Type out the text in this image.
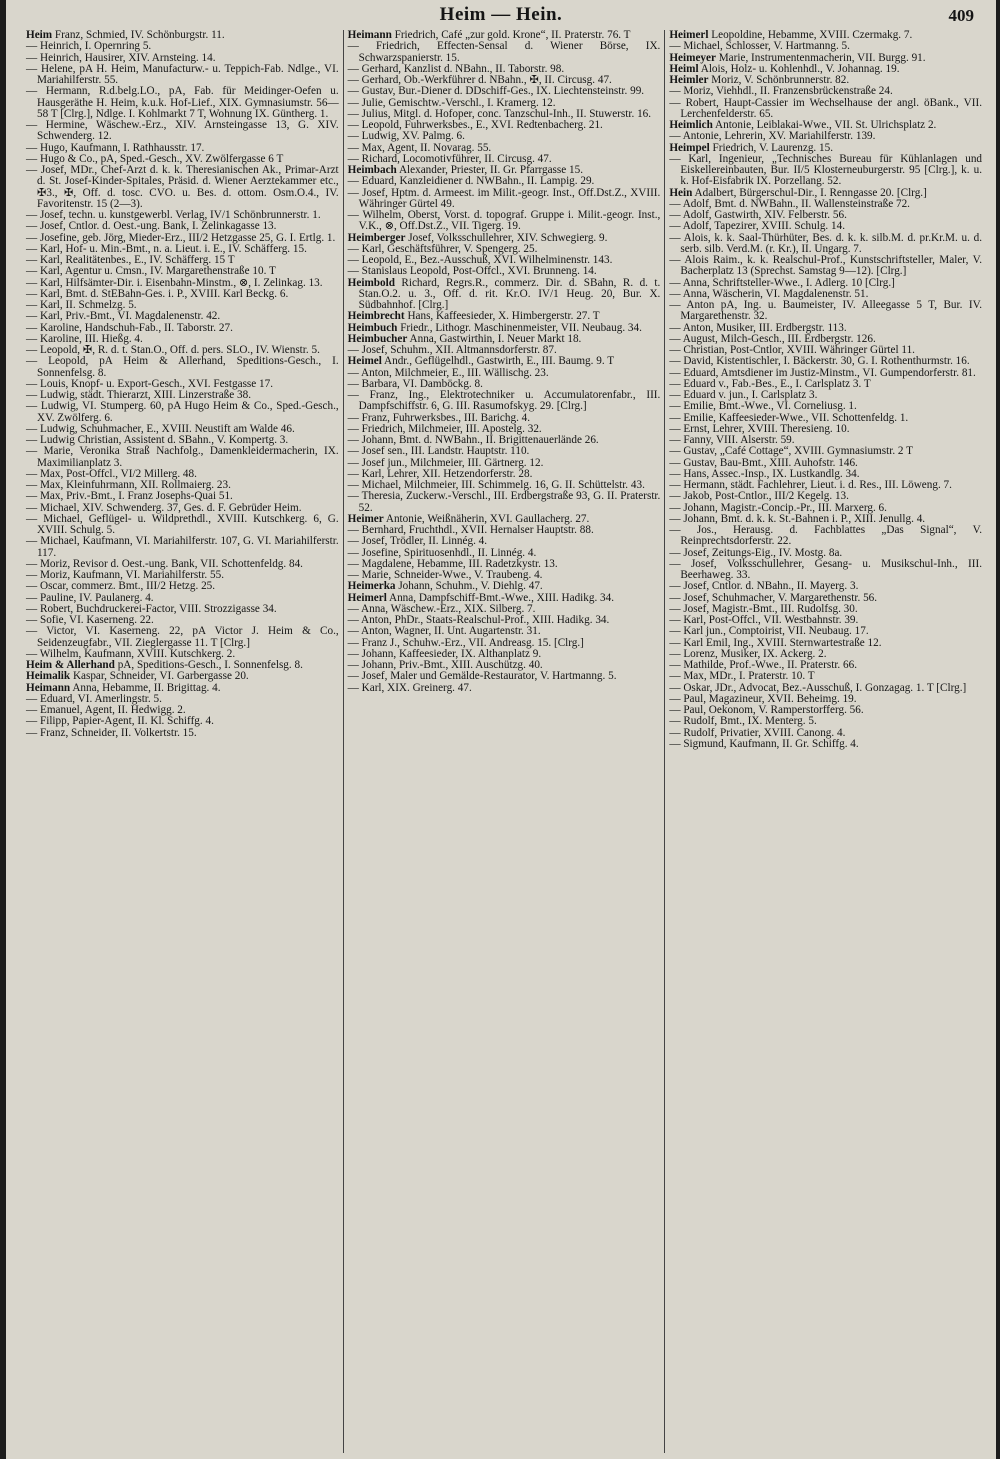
Heim — Hein.	409
Heim Franz, Schmied, IV. Schönburgstr. 11.
— Heinrich, I. Opernring 5.
— Heinrich, Hausirer, XIV. Arnsteing. 14.
— Helene, pA H. Heim, Manufacturw.- u. Teppich-Fab. Ndlge., VI. Mariahilferstr. 55.
— Hermann, R.d.belg.LO., pA, Fab. für Meidinger-Oefen u. Hausgeräthe H. Heim, k.u.k. Hof-Lief., XIX. Gymnasiumstr. 56—58 T [Clrg.], Ndlge. I. Kohlmarkt 7 T, Wohnung IX. Güntherg. 1.
— Hermine, Wäschew.-Erz., XIV. Arnsteingasse 13, G. XIV. Schwenderg. 12.
— Hugo, Kaufmann, I. Rathhausstr. 17.
— Hugo & Co., pA, Sped.-Gesch., XV. Zwölfergasse 6 T
— Josef, MDr., Chef-Arzt d. k. k. Theresianischen Ak., Primar-Arzt d. St. Josef-Kinder-Spitales, Präsid. d. Wiener Aerztekammer etc., ✠3., ✠, Off. d. tosc. CVO. u. Bes. d. ottom. Osm.O.4., IV. Favoritenstr. 15 (2—3).
— Josef, techn. u. kunstgewerbl. Verlag, IV/1 Schönbrunnerstr. 1.
— Josef, Cntlor. d. Oest.-ung. Bank, I. Zelinkagasse 13.
— Josefine, geb. Jörg, Mieder-Erz., III/2 Hetzgasse 25, G. I. Ertlg. 1.
— Karl, Hof- u. Min.-Bmt., n. a. Lieut. i. E., IV. Schäfferg. 15.
— Karl, Realitätenbes., E., IV. Schäfferg. 15 T
— Karl, Agentur u. Cmsn., IV. Margarethenstraße 10. T
— Karl, Hilfsämter-Dir. i. Eisenbahn-Minstm., ⊗, I. Zelinkag. 13.
— Karl, Bmt. d. StEBahn-Ges. i. P., XVIII. Karl Beckg. 6.
— Karl, II. Schmelzg. 5.
— Karl, Priv.-Bmt., VI. Magdalenenstr. 42.
— Karoline, Handschuh-Fab., II. Taborstr. 27.
— Karoline, III. Hießg. 4.
— Leopold, ✠, R. d. t. Stan.O., Off. d. pers. SLO., IV. Wienstr. 5.
— Leopold, pA Heim & Allerhand, Speditions-Gesch., I. Sonnenfelsg. 8.
— Louis, Knopf- u. Export-Gesch., XVI. Festgasse 17.
— Ludwig, städt. Thierarzt, XIII. Linzerstraße 38.
— Ludwig, VI. Stumperg. 60, pA Hugo Heim & Co., Sped.-Gesch., XV. Zwölferg. 6.
— Ludwig, Schuhmacher, E., XVIII. Neustift am Walde 46.
— Ludwig Christian, Assistent d. SBahn., V. Kompertg. 3.
— Marie, Veronika Straß Nachfolg., Damenkleidermacherin, IX. Maximilianplatz 3.
— Max, Post-Offcl., VI/2 Millerg. 48.
— Max, Kleinfuhrmann, XII. Rollmaierg. 23.
— Max, Priv.-Bmt., I. Franz Josephs-Quai 51.
— Michael, XIV. Schwenderg. 37, Ges. d. F. Gebrüder Heim.
— Michael, Geflügel- u. Wildprethdl., XVIII. Kutschkerg. 6, G. XVIII. Schulg. 5.
— Michael, Kaufmann, VI. Mariahilferstr. 107, G. VI. Mariahilferstr. 117.
— Moriz, Revisor d. Oest.-ung. Bank, VII. Schottenfeldg. 84.
— Moriz, Kaufmann, VI. Mariahilferstr. 55.
— Oscar, commerz. Bmt., III/2 Hetzg. 25.
— Pauline, IV. Paulanerg. 4.
— Robert, Buchdruckerei-Factor, VIII. Strozzigasse 34.
— Sofie, VI. Kaserneng. 22.
— Victor, VI. Kaserneng. 22, pA Victor J. Heim & Co., Seidenzeugfabr., VII. Zieglergasse 11. T [Clrg.]
— Wilhelm, Kaufmann, XVIII. Kutschkerg. 2.
Heim & Allerhand pA, Speditions-Gesch., I. Sonnenfelsg. 8.
Heimalik Kaspar, Schneider, VI. Garbergasse 20.
Heimann Anna, Hebamme, II. Brigittag. 4.
— Eduard, VI. Amerlingstr. 5.
— Emanuel, Agent, II. Hedwigg. 2.
— Filipp, Papier-Agent, II. Kl. Schiffg. 4.
— Franz, Schneider, II. Volkertstr. 15.
Heimann Friedrich, Café „zur gold. Krone“, II. Praterstr. 76. T
— Friedrich, Effecten-Sensal d. Wiener Börse, IX. Schwarzspanierstr. 15.
— Gerhard, Kanzlist d. NBahn., II. Taborstr. 98.
— Gerhard, Ob.-Werkführer d. NBahn., ✠, II. Circusg. 47.
— Gustav, Bur.-Diener d. DDschiff-Ges., IX. Liechtensteinstr. 99.
— Julie, Gemischtw.-Verschl., I. Kramerg. 12.
— Julius, Mitgl. d. Hofoper, conc. Tanzschul-Inh., II. Stuwerstr. 16.
— Leopold, Fuhrwerksbes., E., XVI. Redtenbacherg. 21.
— Ludwig, XV. Palmg. 6.
— Max, Agent, II. Novarag. 55.
— Richard, Locomotivführer, II. Circusg. 47.
Heimbach Alexander, Priester, II. Gr. Pfarrgasse 15.
— Eduard, Kanzleidiener d. NWBahn., II. Lampig. 29.
— Josef, Hptm. d. Armeest. im Milit.-geogr. Inst., Off.Dst.Z., XVIII. Währinger Gürtel 49.
— Wilhelm, Oberst, Vorst. d. topograf. Gruppe i. Milit.-geogr. Inst., V.K., ⊗, Off.Dst.Z., VII. Tigerg. 19.
Heimberger Josef, Volksschullehrer, XIV. Schwegierg. 9.
— Karl, Geschäftsführer, V. Spengerg. 25.
— Leopold, E., Bez.-Ausschuß, XVI. Wilhelminenstr. 143.
— Stanislaus Leopold, Post-Offcl., XVI. Brunneng. 14.
Heimbold Richard, Regrs.R., commerz. Dir. d. SBahn, R. d. t. Stan.O.2. u. 3., Off. d. rit. Kr.O. IV/1 Heug. 20, Bur. X. Südbahnhof. [Clrg.]
Heimbrecht Hans, Kaffeesieder, X. Himbergerstr. 27. T
Heimbuch Friedr., Lithogr. Maschinenmeister, VII. Neubaug. 34.
Heimbucher Anna, Gastwirthin, I. Neuer Markt 18.
— Josef, Schuhm., XII. Altmannsdorferstr. 87.
Heimel Andr., Geflügelhdl., Gastwirth, E., III. Baumg. 9. T
— Anton, Milchmeier, E., III. Wällischg. 23.
— Barbara, VI. Damböckg. 8.
— Franz, Ing., Elektrotechniker u. Accumulatorenfabr., III. Dampfschiffstr. 6, G. III. Rasumofskyg. 29. [Clrg.]
— Franz, Fuhrwerksbes., III. Barichg. 4.
— Friedrich, Milchmeier, III. Apostelg. 32.
— Johann, Bmt. d. NWBahn., II. Brigittenauerlände 26.
— Josef sen., III. Landstr. Hauptstr. 110.
— Josef jun., Milchmeier, III. Gärtnerg. 12.
— Karl, Lehrer, XII. Hetzendorferstr. 28.
— Michael, Milchmeier, III. Schimmelg. 16, G. II. Schüttelstr. 43.
— Theresia, Zuckerw.-Verschl., III. Erdbergstraße 93, G. II. Praterstr. 52.
Heimer Antonie, Weißnäherin, XVI. Gaullacherg. 27.
— Bernhard, Fruchthdl., XVII. Hernalser Hauptstr. 88.
— Josef, Trödler, II. Linnég. 4.
— Josefine, Spirituosenhdl., II. Linnég. 4.
— Magdalene, Hebamme, III. Radetzkystr. 13.
— Marie, Schneider-Wwe., V. Traubeng. 4.
Heimerka Johann, Schuhm., V. Diehlg. 47.
Heimerl Anna, Dampfschiff-Bmt.-Wwe., XIII. Hadikg. 34.
— Anna, Wäschew.-Erz., XIX. Silberg. 7.
— Anton, PhDr., Staats-Realschul-Prof., XIII. Hadikg. 34.
— Anton, Wagner, II. Unt. Augartenstr. 31.
— Franz J., Schuhw.-Erz., VII. Andreasg. 15. [Clrg.]
— Johann, Kaffeesieder, IX. Althanplatz 9.
— Johann, Priv.-Bmt., XIII. Auschützg. 40.
— Josef, Maler und Gemälde-Restaurator, V. Hartmanng. 5.
— Karl, XIX. Greinerg. 47.
Heimerl Leopoldine, Hebamme, XVIII. Czermakg. 7.
— Michael, Schlosser, V. Hartmanng. 5.
Heimeyer Marie, Instrumentenmacherin, VII. Burgg. 91.
Heiml Alois, Holz- u. Kohlenhdl., V. Johannag. 19.
Heimler Moriz, V. Schönbrunnerstr. 82.
— Moriz, Viehhdl., II. Franzensbrückenstraße 24.
— Robert, Haupt-Cassier im Wechselhause der angl. öBank., VII. Lerchenfelderstr. 65.
Heimlich Antonie, Leiblakai-Wwe., VII. St. Ulrichsplatz 2.
— Antonie, Lehrerin, XV. Mariahilferstr. 139.
Heimpel Friedrich, V. Laurenzg. 15.
— Karl, Ingenieur, „Technisches Bureau für Kühlanlagen und Eiskellereinbauten, Bur. II/5 Klosterneuburgerstr. 95 [Clrg.], k. u. k. Hof-Eisfabrik IX. Porzellang. 52.
Hein Adalbert, Bürgerschul-Dir., I. Renngasse 20. [Clrg.]
— Adolf, Bmt. d. NWBahn., II. Wallensteinstraße 72.
— Adolf, Gastwirth, XIV. Felberstr. 56.
— Adolf, Tapezirer, XVIII. Schulg. 14.
— Alois, k. k. Saal-Thürhüter, Bes. d. k. k. silb.M. d. pr.Kr.M. u. d. serb. silb. Verd.M. (r. Kr.), II. Ungarg. 7.
— Alois Raim., k. k. Realschul-Prof., Kunstschriftsteller, Maler, V. Bacherplatz 13 (Sprechst. Samstag 9—12). [Clrg.]
— Anna, Schriftsteller-Wwe., I. Adlerg. 10 [Clrg.]
— Anna, Wäscherin, VI. Magdalenenstr. 51.
— Anton pA, Ing. u. Baumeister, IV. Alleegasse 5 T, Bur. IV. Margarethenstr. 32.
— Anton, Musiker, III. Erdbergstr. 113.
— August, Milch-Gesch., III. Erdbergstr. 126.
— Christian, Post-Cntlor, XVIII. Währinger Gürtel 11.
— David, Kistentischler, I. Bäckerstr. 30, G. I. Rothenthurmstr. 16.
— Eduard, Amtsdiener im Justiz-Minstm., VI. Gumpendorferstr. 81.
— Eduard v., Fab.-Bes., E., I. Carlsplatz 3. T
— Eduard v. jun., I. Carlsplatz 3.
— Emilie, Bmt.-Wwe., VI. Corneliusg. 1.
— Emilie, Kaffeesieder-Wwe., VII. Schottenfeldg. 1.
— Ernst, Lehrer, XVIII. Theresieng. 10.
— Fanny, VIII. Alserstr. 59.
— Gustav, „Café Cottage“, XVIII. Gymnasiumstr. 2 T
— Gustav, Bau-Bmt., XIII. Auhofstr. 146.
— Hans, Assec.-Insp., IX. Lustkandlg. 34.
— Hermann, städt. Fachlehrer, Lieut. i. d. Res., III. Löweng. 7.
— Jakob, Post-Cntlor., III/2 Kegelg. 13.
— Johann, Magistr.-Concip.-Pr., III. Marxerg. 6.
— Johann, Bmt. d. k. k. St.-Bahnen i. P., XIII. Jenullg. 4.
— Jos., Herausg. d. Fachblattes „Das Signal“, V. Reinprechtsdorferstr. 22.
— Josef, Zeitungs-Eig., IV. Mostg. 8a.
— Josef, Volksschullehrer, Gesang- u. Musikschul-Inh., III. Beerhaweg. 33.
— Josef, Cntlor. d. NBahn., II. Mayerg. 3.
— Josef, Schuhmacher, V. Margarethenstr. 56.
— Josef, Magistr.-Bmt., III. Rudolfsg. 30.
— Karl, Post-Offcl., VII. Westbahnstr. 39.
— Karl jun., Comptoirist, VII. Neubaug. 17.
— Karl Emil, Ing., XVIII. Sternwartestraße 12.
— Lorenz, Musiker, IX. Ackerg. 2.
— Mathilde, Prof.-Wwe., II. Praterstr. 66.
— Max, MDr., I. Praterstr. 10. T
— Oskar, JDr., Advocat, Bez.-Ausschuß, I. Gonzagag. 1. T [Clrg.]
— Paul, Magazineur, XVII. Beheimg. 19.
— Paul, Oekonom, V. Ramperstorfferg. 56.
— Rudolf, Bmt., IX. Menterg. 5.
— Rudolf, Privatier, XVIII. Canong. 4.
— Sigmund, Kaufmann, II. Gr. Schiffg. 4.
